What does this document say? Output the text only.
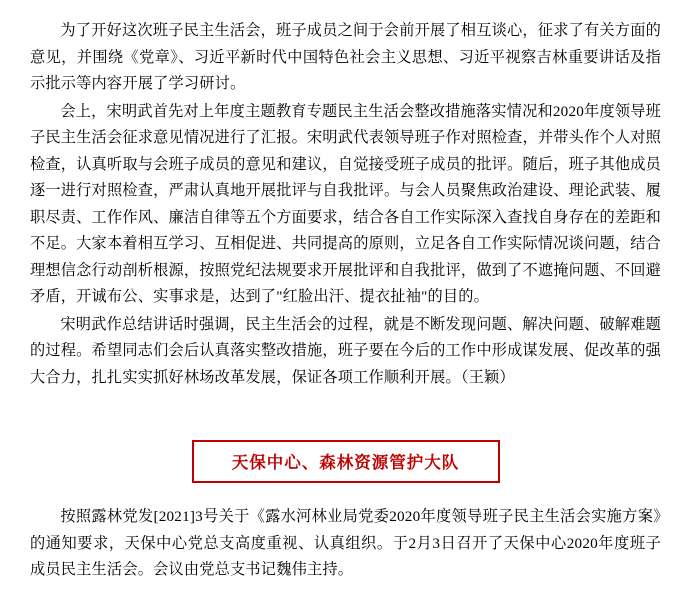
为了开好这次班子民主生活会，班子成员之间于会前开展了相互谈心，征求了有关方面的意见，并围绕《党章》、习近平新时代中国特色社会主义思想、习近平视察吉林重要讲话及指示批示等内容开展了学习研讨。

会上，宋明武首先对上年度主题教育专题民主生活会整改措施落实情况和2020年度领导班子民主生活会征求意见情况进行了汇报。宋明武代表领导班子作对照检查，并带头作个人对照检查，认真听取与会班子成员的意见和建议，自觉接受班子成员的批评。随后，班子其他成员逐一进行对照检查，严肃认真地开展批评与自我批评。与会人员聚焦政治建设、理论武装、履职尽责、工作作风、廉洁自律等五个方面要求，结合各自工作实际深入查找自身存在的差距和不足。大家本着相互学习、互相促进、共同提高的原则，立足各自工作实际情况谈问题，结合理想信念行动剖析根源，按照党纪法规要求开展批评和自我批评，做到了不遮掩问题、不回避矛盾，开诚布公、实事求是，达到了"红脸出汗、提衣扯袖"的目的。

宋明武作总结讲话时强调，民主生活会的过程，就是不断发现问题、解决问题、破解难题的过程。希望同志们会后认真落实整改措施，班子要在今后的工作中形成谋发展、促改革的强大合力，扎扎实实抓好林场改革发展，保证各项工作顺利开展。（王颖）

天保中心、森林资源管护大队

按照露林党发[2021]3号关于《露水河林业局党委2020年度领导班子民主生活会实施方案》的通知要求，天保中心党总支高度重视、认真组织。于2月3日召开了天保中心2020年度班子成员民主生活会。会议由党总支书记魏伟主持。
